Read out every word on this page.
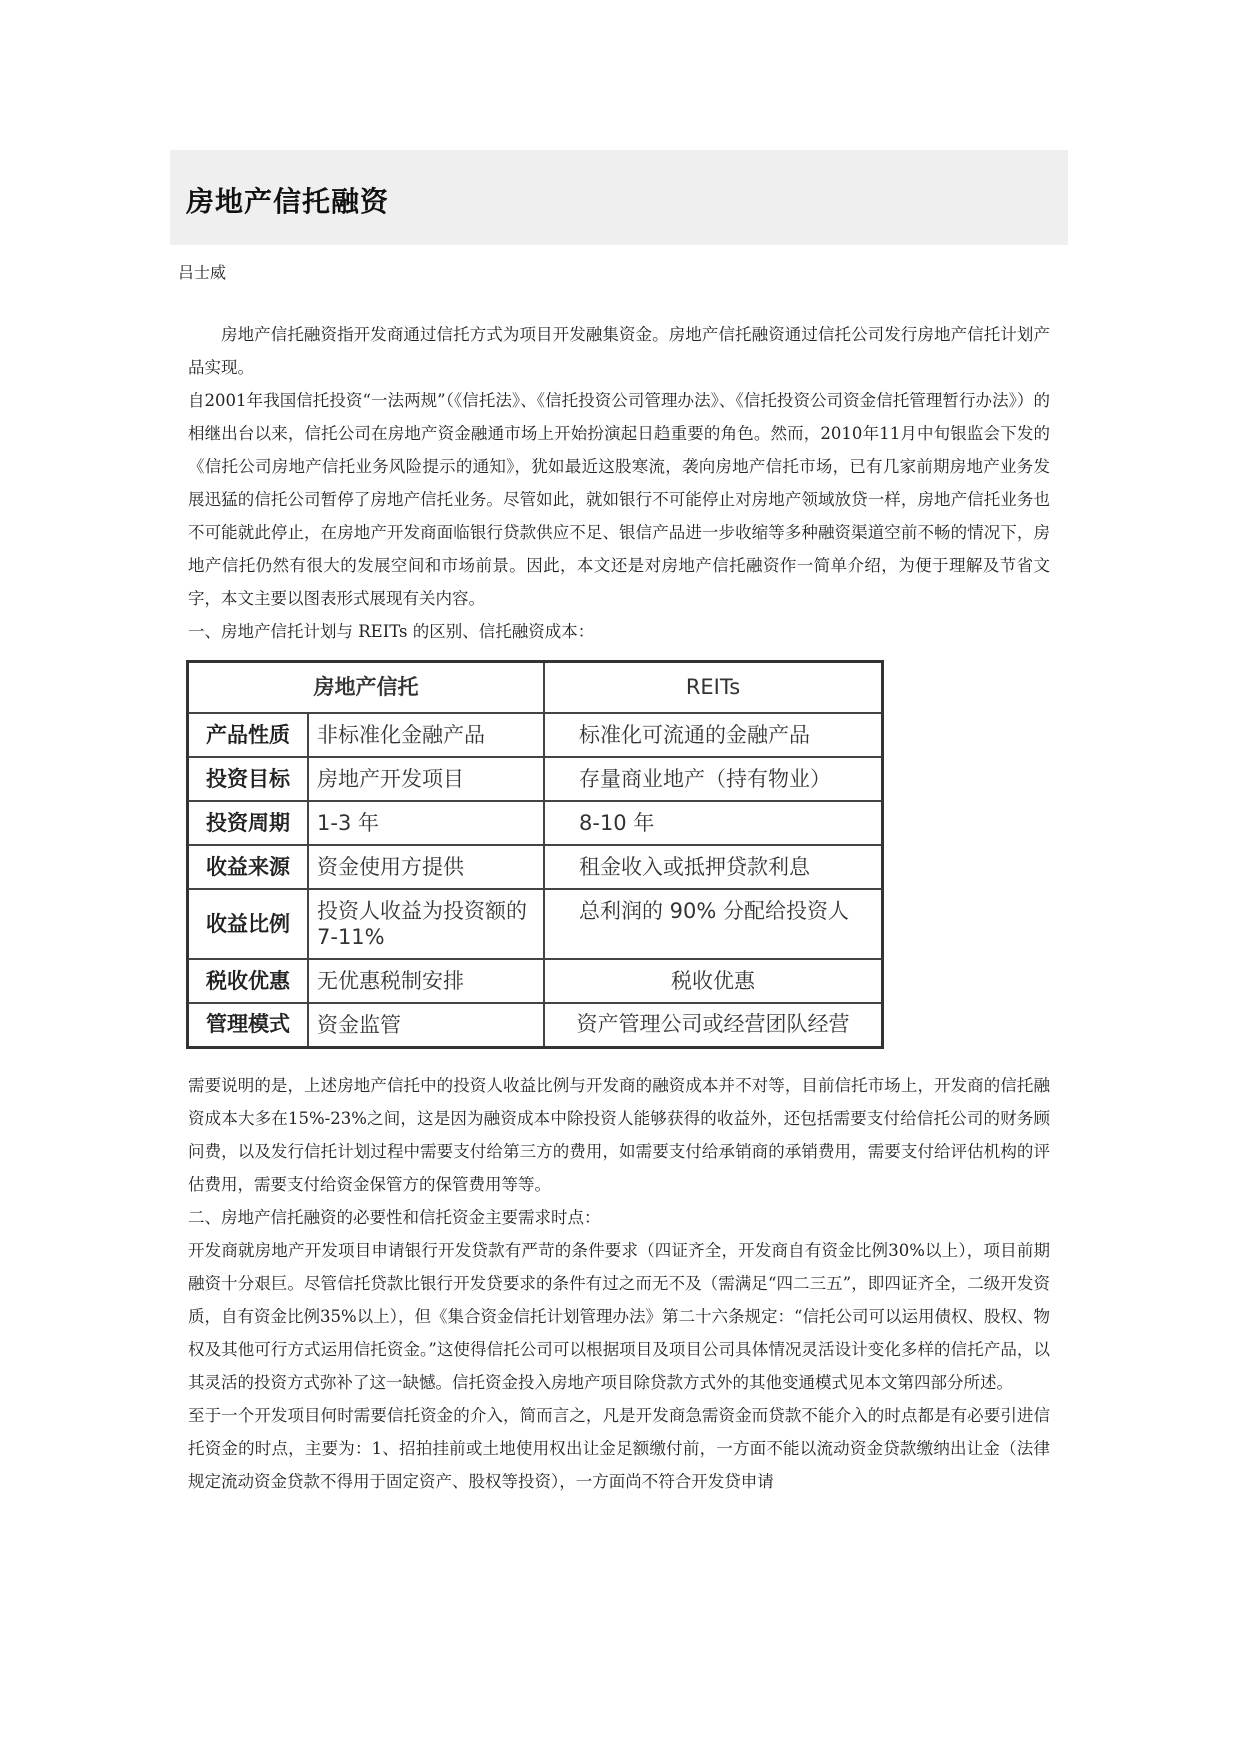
房地产信托融资
吕士威

房地产信托融资指开发商通过信托方式为项目开发融集资金。房地产信托融资通过信托公司发行房地产信托计划产品实现。

自2001年我国信托投资“一法两规”（《信托法》、《信托投资公司管理办法》、《信托投资公司资金信托管理暂行办法》）的相继出台以来，信托公司在房地产资金融通市场上开始扮演起日趋重要的角色。然而，2010年11月中旬银监会下发的《信托公司房地产信托业务风险提示的通知》，犹如最近这股寒流，袭向房地产信托市场，已有几家前期房地产业务发展迅猛的信托公司暂停了房地产信托业务。尽管如此，就如银行不可能停止对房地产领域放贷一样，房地产信托业务也不可能就此停止，在房地产开发商面临银行贷款供应不足、银信产品进一步收缩等多种融资渠道空前不畅的情况下，房地产信托仍然有很大的发展空间和市场前景。因此，本文还是对房地产信托融资作一简单介绍，为便于理解及节省文字，本文主要以图表形式展现有关内容。

一、房地产信托计划与 REITs 的区别、信托融资成本：

房地产信托		REITs
产品性质	非标准化金融产品	标准化可流通的金融产品
投资目标	房地产开发项目	存量商业地产（持有物业）
投资周期	1-3 年	8-10 年
收益来源	资金使用方提供	租金收入或抵押贷款利息
收益比例	投资人收益为投资额的 7-11%	总利润的 90% 分配给投资人
税收优惠	无优惠税制安排	税收优惠
管理模式	资金监管	资产管理公司或经营团队经营

需要说明的是，上述房地产信托中的投资人收益比例与开发商的融资成本并不对等，目前信托市场上，开发商的信托融资成本大多在15%-23%之间，这是因为融资成本中除投资人能够获得的收益外，还包括需要支付给信托公司的财务顾问费，以及发行信托计划过程中需要支付给第三方的费用，如需要支付给承销商的承销费用，需要支付给评估机构的评估费用，需要支付给资金保管方的保管费用等等。

二、房地产信托融资的必要性和信托资金主要需求时点：

开发商就房地产开发项目申请银行开发贷款有严苛的条件要求（四证齐全，开发商自有资金比例30%以上），项目前期融资十分艰巨。尽管信托贷款比银行开发贷要求的条件有过之而无不及（需满足“四二三五”，即四证齐全，二级开发资质，自有资金比例35%以上），但《集合资金信托计划管理办法》第二十六条规定：“信托公司可以运用债权、股权、物权及其他可行方式运用信托资金。”这使得信托公司可以根据项目及项目公司具体情况灵活设计变化多样的信托产品，以其灵活的投资方式弥补了这一缺憾。信托资金投入房地产项目除贷款方式外的其他变通模式见本文第四部分所述。

至于一个开发项目何时需要信托资金的介入，简而言之，凡是开发商急需资金而贷款不能介入的时点都是有必要引进信托资金的时点，主要为：1、招拍挂前或土地使用权出让金足额缴付前，一方面不能以流动资金贷款缴纳出让金（法律规定流动资金贷款不得用于固定资产、股权等投资），一方面尚不符合开发贷申请
